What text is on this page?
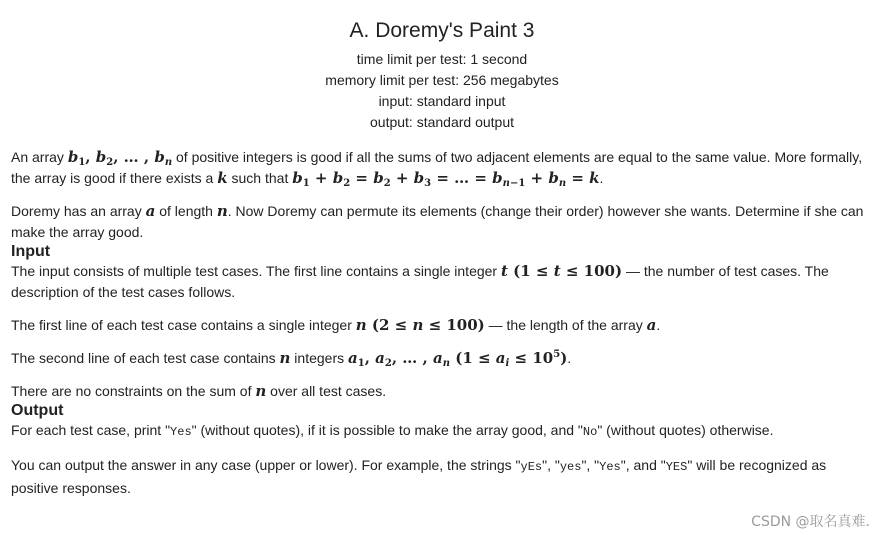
A. Doremy's Paint 3
time limit per test: 1 second
memory limit per test: 256 megabytes
input: standard input
output: standard output

An array $b_1$, $b_2$, … , $b_n$ of positive integers is good if all the sums of two adjacent elements are equal to the same value. More formally, the array is good if there exists a k such that $b_1 + b_2 = b_2 + b_3$ = … = $b_{n-1} + b_n = k$.

Doremy has an array a of length n. Now Doremy can permute its elements (change their order) however she wants. Determine if she can make the array good.

Input

The input consists of multiple test cases. The first line contains a single integer t (1 ≤ t ≤ 100) — the number of test cases. The description of the test cases follows.

The first line of each test case contains a single integer n (2 ≤ n ≤ 100) — the length of the array a.

The second line of each test case contains n integers $a_1$, $a_2$, … , $a_n$ $(1 \le a_i \le 10^5)$.

There are no constraints on the sum of n over all test cases.

Output

For each test case, print "Yes" (without quotes), if it is possible to make the array good, and "No" (without quotes) otherwise.

You can output the answer in any case (upper or lower). For example, the strings "yEs", "yes", "Yes", and "YES" will be recognized as positive responses.

CSDN @取名真难.
